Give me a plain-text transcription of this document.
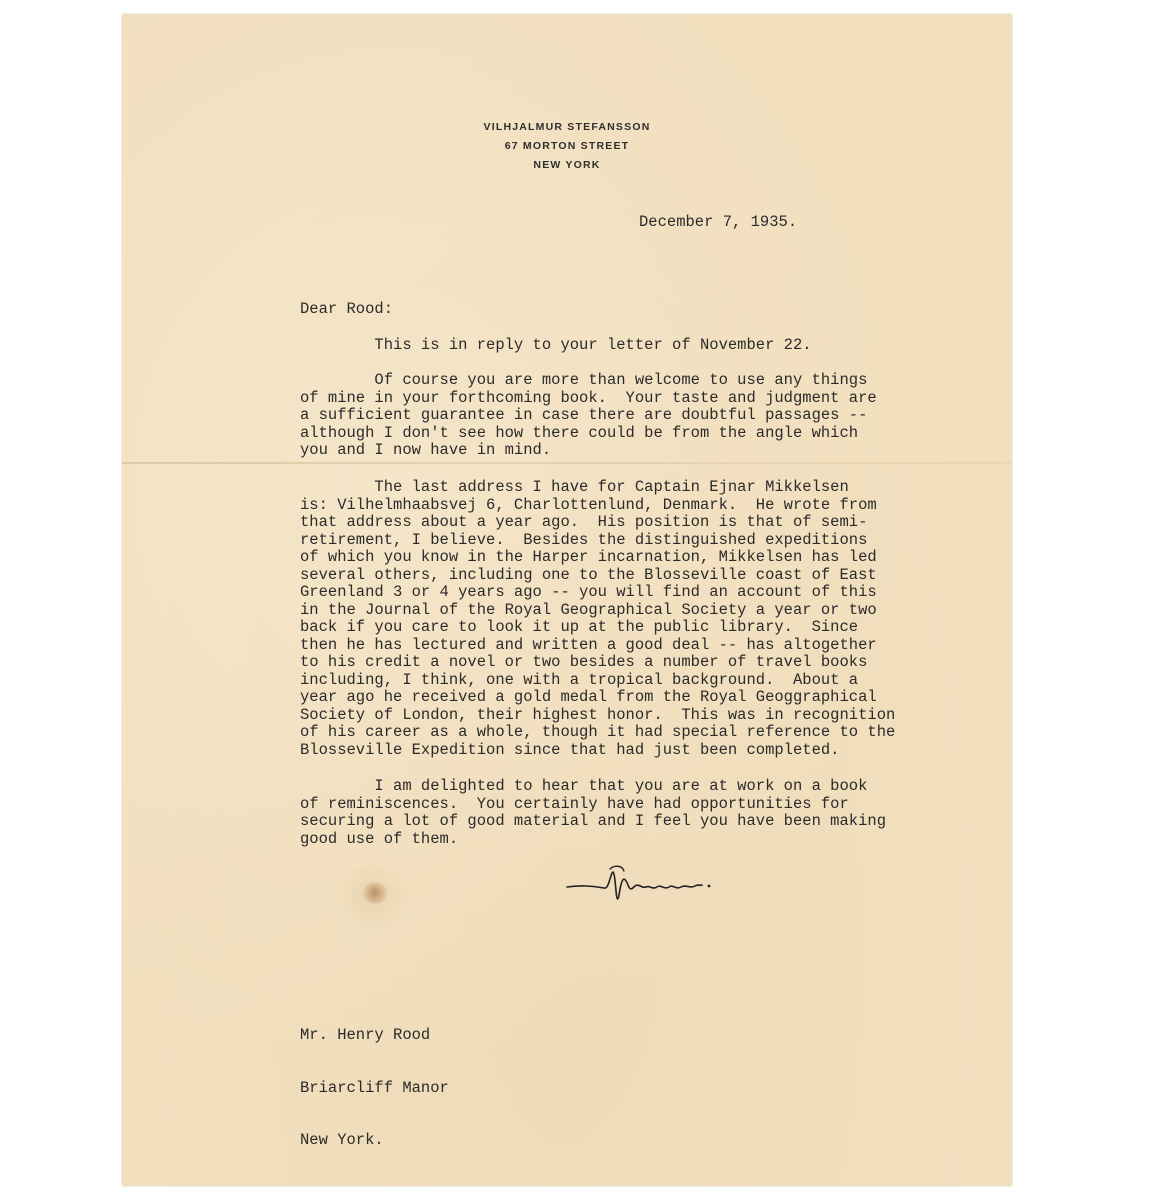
VILHJALMUR STEFANSSON
67 MORTON STREET
NEW YORK
December 7, 1935.
Dear Rood:
This is in reply to your letter of November 22.
Of course you are more than welcome to use any things
of mine in your forthcoming book.  Your taste and judgment are
a sufficient guarantee in case there are doubtful passages --
although I don't see how there could be from the angle which
you and I now have in mind.
The last address I have for Captain Ejnar Mikkelsen
is: Vilhelmhaabsvej 6, Charlottenlund, Denmark.  He wrote from
that address about a year ago.  His position is that of semi-
retirement, I believe.  Besides the distinguished expeditions
of which you know in the Harper incarnation, Mikkelsen has led
several others, including one to the Blosseville coast of East
Greenland 3 or 4 years ago -- you will find an account of this
in the Journal of the Royal Geographical Society a year or two
back if you care to look it up at the public library.  Since
then he has lectured and written a good deal -- has altogether
to his credit a novel or two besides a number of travel books
including, I think, one with a tropical background.  About a
year ago he received a gold medal from the Royal Geoggraphical
Society of London, their highest honor.  This was in recognition
of his career as a whole, though it had special reference to the
Blosseville Expedition since that had just been completed.
I am delighted to hear that you are at work on a book
of reminiscences.  You certainly have had opportunities for
securing a lot of good material and I feel you have been making
good use of them.

Mr. Henry Rood

Briarcliff Manor

New York.
